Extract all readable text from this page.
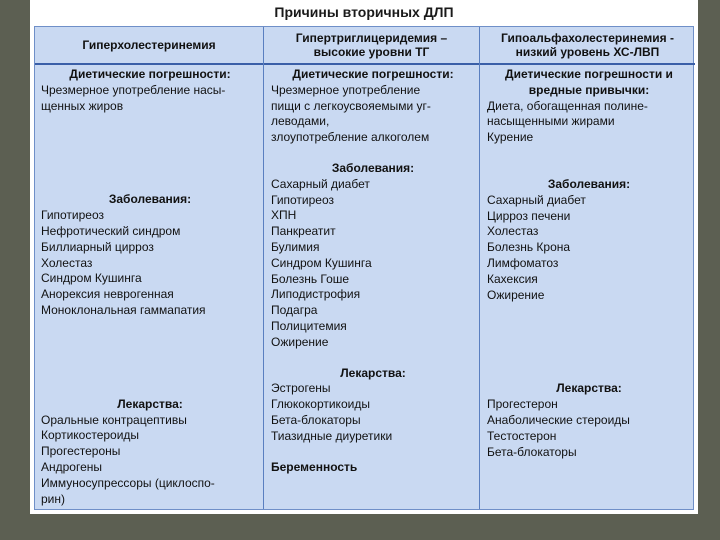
Причины вторичных ДЛП
Гиперхолестеринемия	Гипертриглицеридемия – высокие уровни ТГ
Гипоальфахолестеринемия - низкий уровень ХС-ЛВП
Диетические погрешности:
Чрезмерное употребление насы-
щенных жиров
Заболевания:
Гипотиреоз
Нефротический синдром
Биллиарный цирроз
Холестаз
Синдром Кушинга
Анорексия неврогенная
Моноклональная гаммапатия
Лекарства:
Оральные контрацептивы
Кортикостероиды
Прогестероны
Андрогены
Иммуносупрессоры (циклоспо-
рин)
Диетические погрешности:
Чрезмерное употребление
пищи с легкоусвояемыми уг-
леводами,
злоупотребление алкоголем
Заболевания:
Сахарный диабет
Гипотиреоз
ХПН
Панкреатит
Булимия
Синдром Кушинга
Болезнь Гоше
Липодистрофия
Подагра
Полицитемия
Ожирение
Лекарства:
Эстрогены
Глюкокортикоиды
Бета-блокаторы
Тиазидные диуретики
Беременность
Диетические погрешности и вредные привычки:
Диета, обогащенная полине-
насыщенными жирами
Курение
Заболевания:
Сахарный диабет
Цирроз печени
Холестаз
Болезнь Крона
Лимфоматоз
Кахексия
Ожирение
Лекарства:
Прогестерон
Анаболические стероиды
Тестостерон
Бета-блокаторы
